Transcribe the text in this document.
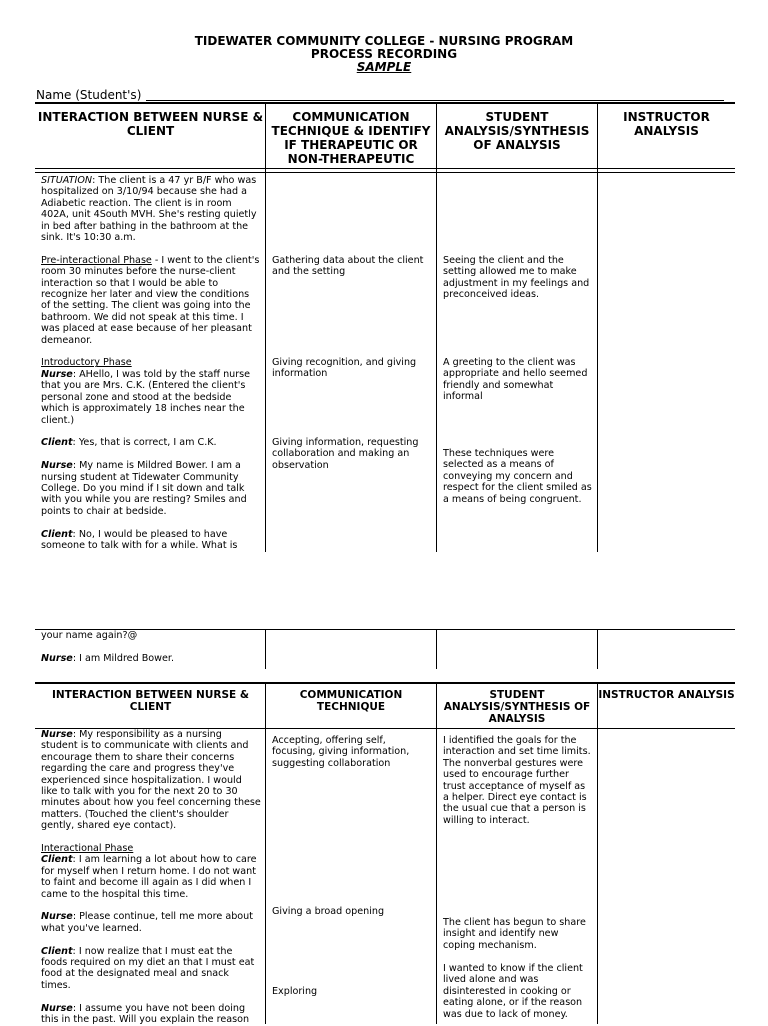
TIDEWATER COMMUNITY COLLEGE - NURSING PROGRAM
PROCESS RECORDING
SAMPLE
Name (Student's)
INTERACTION BETWEEN NURSE & CLIENT
COMMUNICATION TECHNIQUE & IDENTIFY IF THERAPEUTIC OR NON-THERAPEUTIC
STUDENT ANALYSIS/SYNTHESIS OF ANALYSIS
INSTRUCTOR ANALYSIS

SITUATION: The client is a 47 yr B/F who was hospitalized on 3/10/94 because she had a Adiabetic reaction. The client is in room 402A, unit 4South MVH. She's resting quietly in bed after bathing in the bathroom at the sink. It's 10:30 a.m.

Pre-interactional Phase - I went to the client's room 30 minutes before the nurse-client interaction so that I would be able to recognize her later and view the conditions of the setting. The client was going into the bathroom. We did not speak at this time. I was placed at ease because of her pleasant demeanor.

Introductory Phase

Nurse: AHello, I was told by the staff nurse that you are Mrs. C.K. (Entered the client's personal zone and stood at the bedside which is approximately 18 inches near the client.)

Client: Yes, that is correct, I am C.K.

Nurse: My name is Mildred Bower. I am a nursing student at Tidewater Community College. Do you mind if I sit down and talk with you while you are resting? Smiles and points to chair at bedside.

Client: No, I would be pleased to have someone to talk with for a while. What is

your name again?@

Nurse: I am Mildred Bower.

Gathering data about the client and the setting
Giving recognition, and giving information
Giving information, requesting collaboration and making an observation
Seeing the client and the setting allowed me to make adjustment in my feelings and preconceived ideas.
A greeting to the client was appropriate and hello seemed friendly and somewhat informal
These techniques were selected as a means of conveying my concern and respect for the client smiled as a means of being congruent.
INTERACTION BETWEEN NURSE & CLIENT
COMMUNICATION TECHNIQUE
STUDENT ANALYSIS/SYNTHESIS OF ANALYSIS
INSTRUCTOR ANALYSIS

Nurse: My responsibility as a nursing student is to communicate with clients and encourage them to share their concerns regarding the care and progress they've experienced since hospitalization. I would like to talk with you for the next 20 to 30 minutes about how you feel concerning these matters. (Touched the client's shoulder gently, shared eye contact).

Interactional Phase

Client: I am learning a lot about how to care for myself when I return home. I do not want to faint and become ill again as I did when I came to the hospital this time.

Nurse: Please continue, tell me more about what you've learned.

Client: I now realize that I must eat the foods required on my diet an that I must eat food at the designated meal and snack times.

Nurse: I assume you have not been doing this in the past. Will you explain the reason

Accepting, offering self, focusing, giving information, suggesting collaboration
Giving a broad opening
Exploring
I identified the goals for the interaction and set time limits. The nonverbal gestures were used to encourage further trust acceptance of myself as a helper. Direct eye contact is the usual cue that a person is willing to interact.
The client has begun to share insight and identify new coping mechanism.
I wanted to know if the client lived alone and was disinterested in cooking or eating alone, or if the reason was due to lack of money.
